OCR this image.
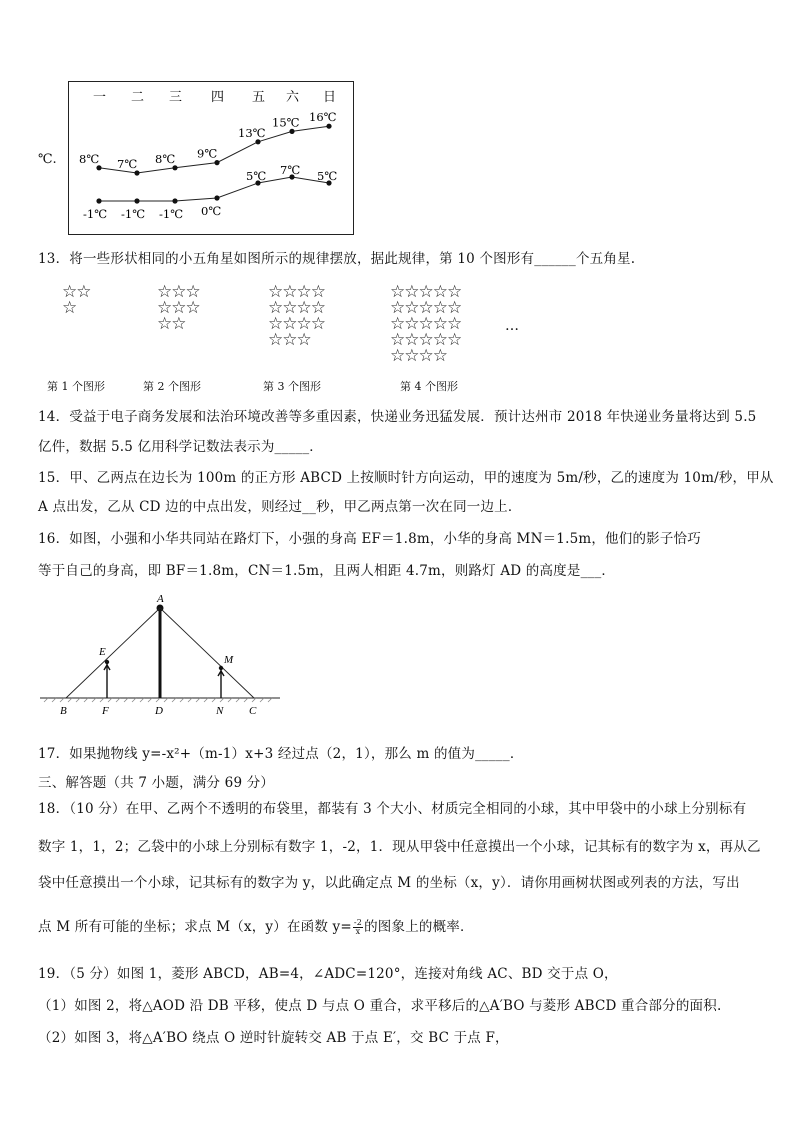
℃.
一 二 三 四 五 六 日
8℃ 7℃ 8℃ 9℃
13℃
15℃ 16℃
-1℃ -1℃ -1℃ 0℃
5℃ 7℃ 5℃
13．将一些形状相同的小五角星如图所示的规律摆放，据此规律，第 10 个图形有______个五角星.
☆☆
☆
第 1 个图形
☆☆☆
☆☆☆
☆☆
第 2 个图形
☆☆☆☆
☆☆☆☆
☆☆☆☆
☆☆☆
第 3 个图形
☆☆☆☆☆
☆☆☆☆☆
☆☆☆☆☆
☆☆☆☆☆
☆☆☆☆
第 4 个图形
…
14．受益于电子商务发展和法治环境改善等多重因素，快递业务迅猛发展．预计达州市 2018 年快递业务量将达到 5.5
亿件，数据 5.5 亿用科学记数法表示为_____．
15．甲、乙两点在边长为 100m 的正方形 ABCD 上按顺时针方向运动，甲的速度为 5m/秒，乙的速度为 10m/秒，甲从
A 点出发，乙从 CD 边的中点出发，则经过__秒，甲乙两点第一次在同一边上．
16．如图，小强和小华共同站在路灯下，小强的身高 EF＝1.8m，小华的身高 MN＝1.5m，他们的影子恰巧
等于自己的身高，即 BF＝1.8m，CN＝1.5m，且两人相距 4.7m，则路灯 AD 的高度是___．
A
E
M
B	F	D	N C
17．如果抛物线 y=-x²+（m-1）x+3 经过点（2，1），那么 m 的值为_____．
三、解答题（共 7 小题，满分 69 分）
18．（10 分）在甲、乙两个不透明的布袋里，都装有 3 个大小、材质完全相同的小球，其中甲袋中的小球上分别标有
数字 1，1，2；乙袋中的小球上分别标有数字 1，-2，1．现从甲袋中任意摸出一个小球，记其标有的数字为 x，再从乙
袋中任意摸出一个小球，记其标有的数字为 y，以此确定点 M 的坐标（x，y）．请你用画树状图或列表的方法，写出
点 M 所有可能的坐标；求点 M（x，y）在函数 $y= \frac{-2}{x}$ 的图象上的概率．
19．（5 分）如图 1，菱形 ABCD，AB=4，∠ADC=120°，连接对角线 AC、BD 交于点 O，
（1）如图 2，将△AOD 沿 DB 平移，使点 D 与点 O 重合，求平移后的△A′BO 与菱形 ABCD 重合部分的面积.
（2）如图 3，将△A′BO 绕点 O 逆时针旋转交 AB 于点 E′，交 BC 于点 F，
